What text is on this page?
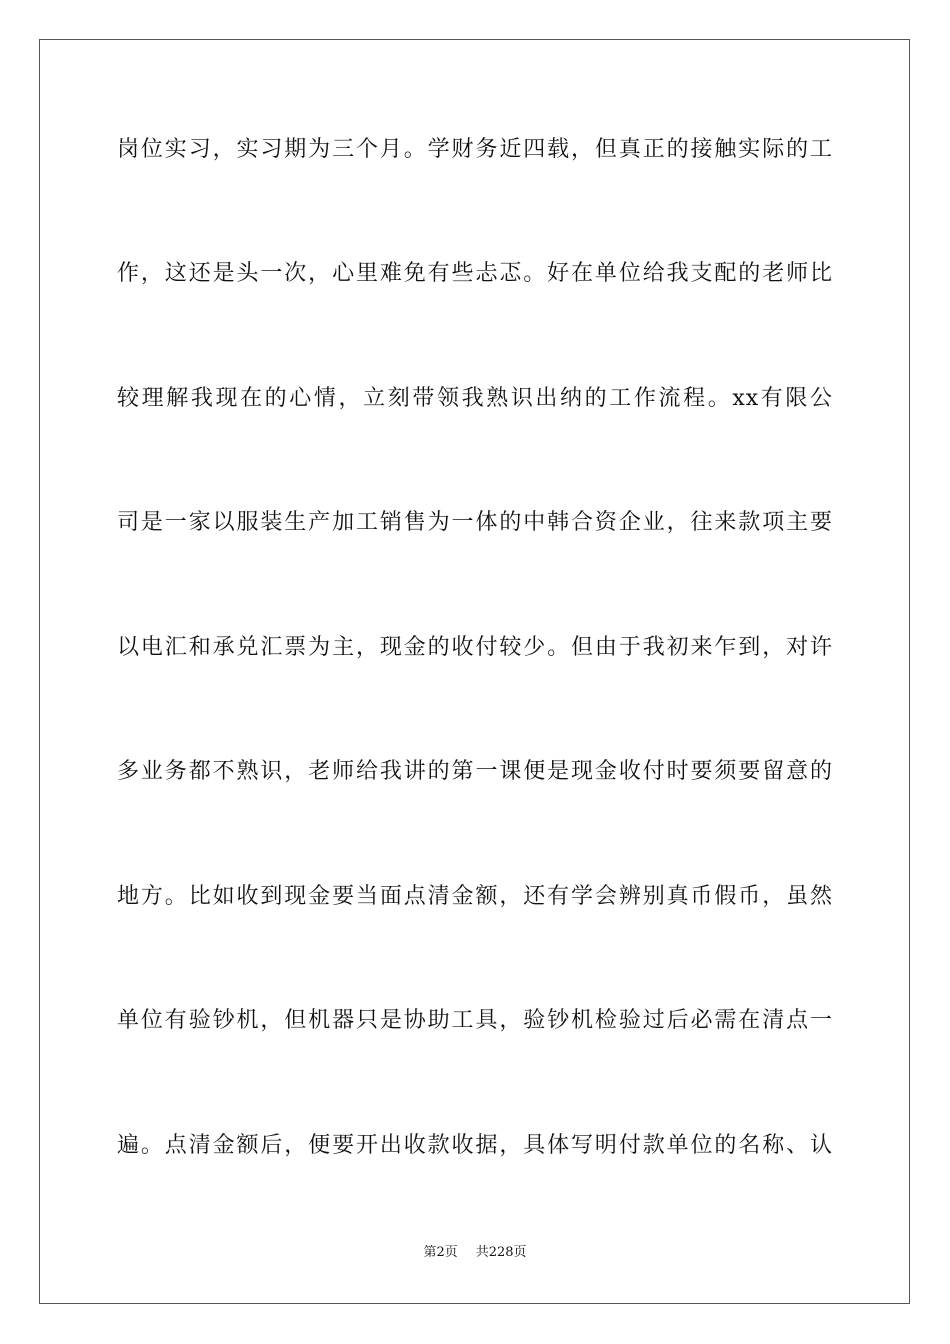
岗位实习，实习期为三个月。学财务近四载，但真正的接触实际的工
作，这还是头一次，心里难免有些忐忑。好在单位给我支配的老师比
较理解我现在的心情，立刻带领我熟识出纳的工作流程。xx有限公
司是一家以服装生产加工销售为一体的中韩合资企业，往来款项主要
以电汇和承兑汇票为主，现金的收付较少。但由于我初来乍到，对许
多业务都不熟识，老师给我讲的第一课便是现金收付时要须要留意的
地方。比如收到现金要当面点清金额，还有学会辨别真币假币，虽然
单位有验钞机，但机器只是协助工具，验钞机检验过后必需在清点一
遍。点清金额后，便要开出收款收据，具体写明付款单位的名称、认
第2页 共228页
